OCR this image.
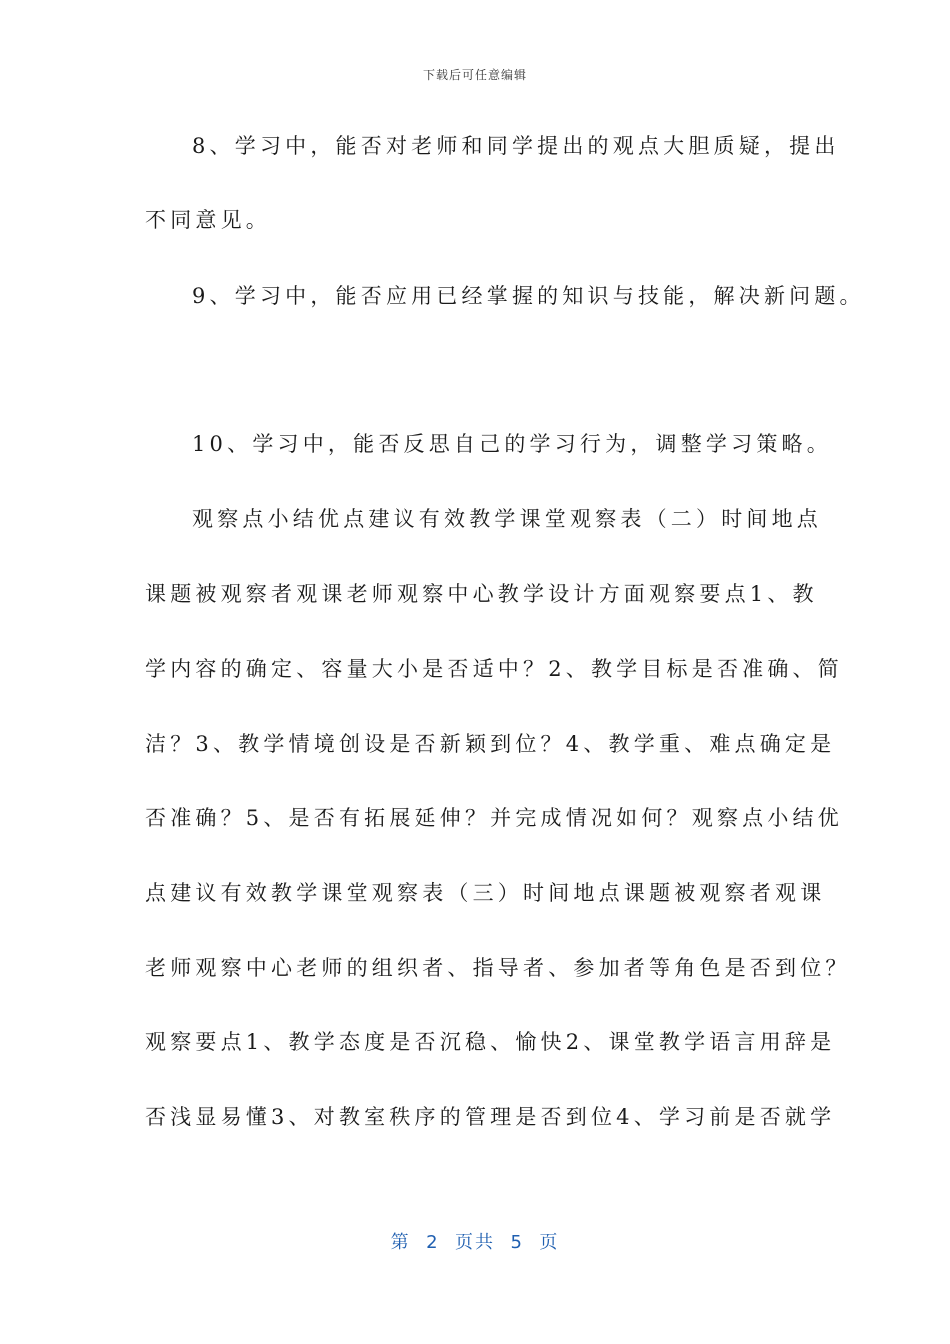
下载后可任意编辑
8、学习中，能否对老师和同学提出的观点大胆质疑，提出
不同意见。
9、学习中，能否应用已经掌握的知识与技能，解决新问题。
10、学习中，能否反思自己的学习行为，调整学习策略。
观察点小结优点建议有效教学课堂观察表（二）时间地点
课题被观察者观课老师观察中心教学设计方面观察要点1、教
学内容的确定、容量大小是否适中？2、教学目标是否准确、简
洁？3、教学情境创设是否新颖到位？4、教学重、难点确定是
否准确？5、是否有拓展延伸？并完成情况如何？观察点小结优
点建议有效教学课堂观察表（三）时间地点课题被观察者观课
老师观察中心老师的组织者、指导者、参加者等角色是否到位？
观察要点1、教学态度是否沉稳、愉快2、课堂教学语言用辞是
否浅显易懂3、对教室秩序的管理是否到位4、学习前是否就学
第  2  页共  5  页
